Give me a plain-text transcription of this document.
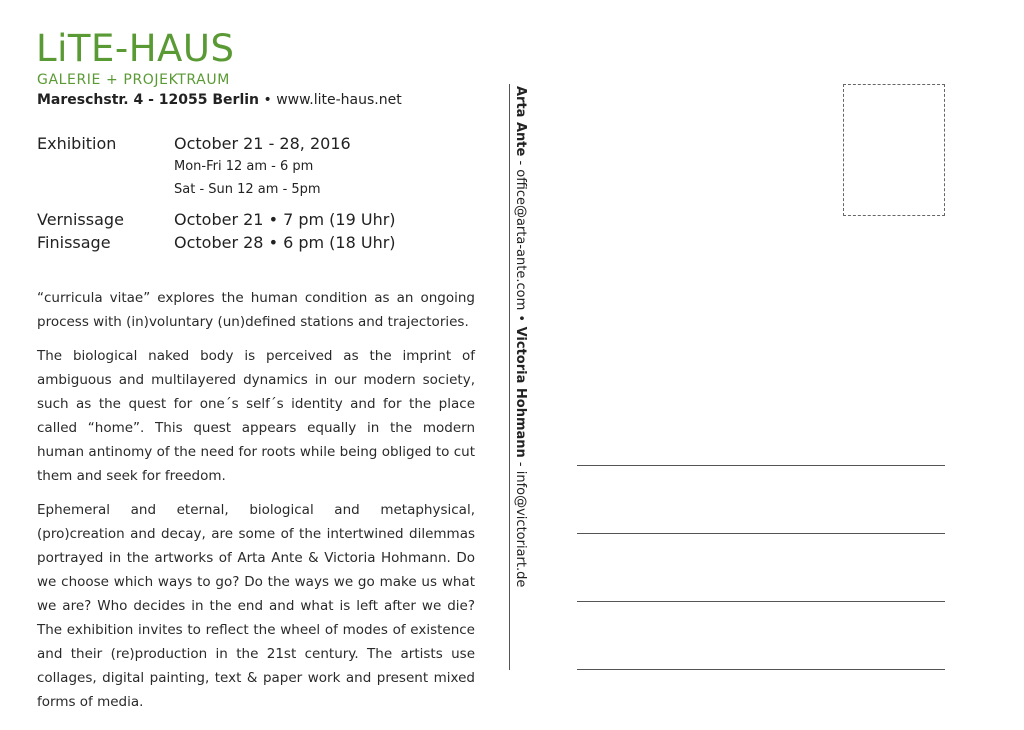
LiTE-HAUS
GALERIE + PROJEKTRAUM
Mareschstr. 4 - 12055 Berlin • www.lite-haus.net
Exhibition	October 21 - 28, 2016
Mon-Fri 12 am - 6 pm
Sat - Sun 12 am - 5pm
Vernissage	October 21 • 7 pm (19 Uhr)
Finissage	October 28 • 6 pm (18 Uhr)

“curricula vitae” explores the human condition as an ongoing process with (in)voluntary (un)defined stations and trajectories.

The biological naked body is perceived as the imprint of ambiguous and multilayered dynamics in our modern society, such as the quest for one´s self´s identity and for the place called “home”. This quest appears equally in the modern human antinomy of the need for roots while being obliged to cut them and seek for freedom.

Ephemeral and eternal, biological and metaphysical, (pro)creation and decay, are some of the intertwined dilemmas portrayed in the artworks of Arta Ante & Victoria Hohmann. Do we choose which ways to go? Do the ways we go make us what we are? Who decides in the end and what is left after we die? The exhibition invites to reflect the wheel of modes of existence and their (re)production in the 21st century. The artists use collages, digital painting, text & paper work and present mixed forms of media.

Arta Ante - office@arta-ante.com • Victoria Hohmann - info@victoriart.de
